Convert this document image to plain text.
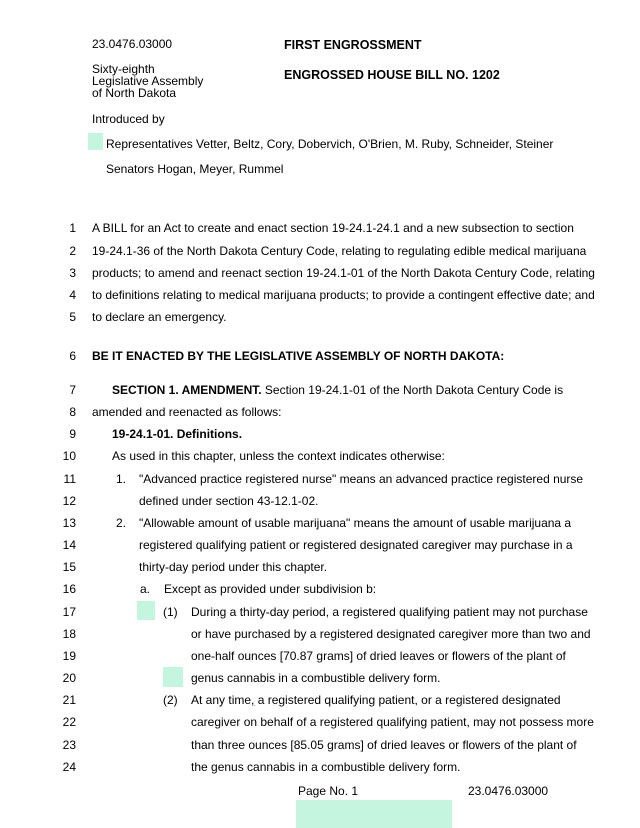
23.0476.03000
Sixty-eighth
Legislative Assembly
of North Dakota
FIRST ENGROSSMENT
ENGROSSED HOUSE BILL NO. 1202
Introduced by
Representatives Vetter, Beltz, Cory, Dobervich, O'Brien, M. Ruby, Schneider, Steiner
Senators Hogan, Meyer, Rummel
1 A BILL for an Act to create and enact section 19-24.1-24.1 and a new subsection to section
2 19-24.1-36 of the North Dakota Century Code, relating to regulating edible medical marijuana
3 products; to amend and reenact section 19-24.1-01 of the North Dakota Century Code, relating
4 to definitions relating to medical marijuana products; to provide a contingent effective date; and
5 to declare an emergency.
6 BE IT ENACTED BY THE LEGISLATIVE ASSEMBLY OF NORTH DAKOTA:
7	SECTION 1. AMENDMENT. Section 19-24.1-01 of the North Dakota Century Code is
8 amended and reenacted as follows:
9	19-24.1-01. Definitions.
10	As used in this chapter, unless the context indicates otherwise:
11	1. "Advanced practice registered nurse" means an advanced practice registered nurse
12	defined under section 43-12.1-02.
13	2. "Allowable amount of usable marijuana" means the amount of usable marijuana a
14	registered qualifying patient or registered designated caregiver may purchase in a
15	thirty-day period under this chapter.
16	a. Except as provided under subdivision b:
17	(1) During a thirty-day period, a registered qualifying patient may not purchase
18	or have purchased by a registered designated caregiver more than two and
19	one-half ounces [70.87 grams] of dried leaves or flowers of the plant of
20	genus cannabis in a combustible delivery form.
21	(2) At any time, a registered qualifying patient, or a registered designated
22	caregiver on behalf of a registered qualifying patient, may not possess more
23	than three ounces [85.05 grams] of dried leaves or flowers of the plant of
24	the genus cannabis in a combustible delivery form.
Page No. 1	23.0476.03000
